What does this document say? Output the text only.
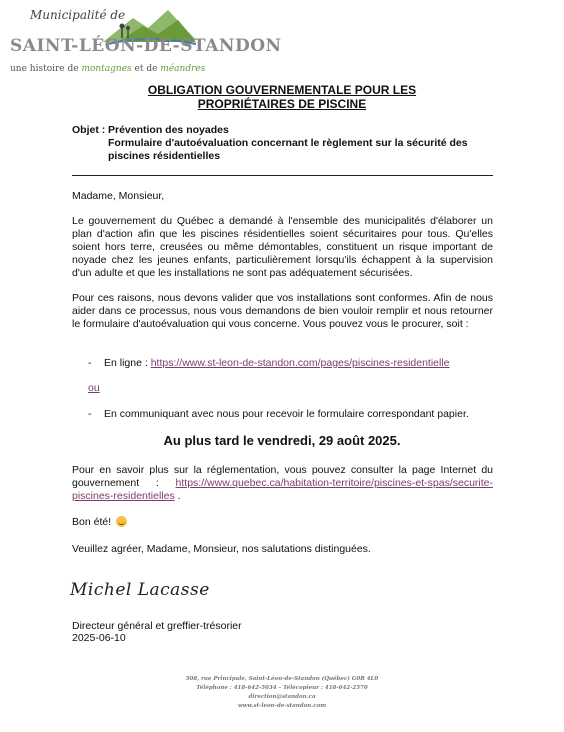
Municipalité de
SAINT-LÉON-DE-STANDON
une histoire de montagnes et de méandres
OBLIGATION GOUVERNEMENTALE POUR LES
PROPRIÉTAIRES DE PISCINE
Objet : Prévention des noyades
Formulaire d'autoévaluation concernant le règlement sur la sécurité des
piscines résidentielles
Madame, Monsieur,
Le gouvernement du Québec a demandé à l'ensemble des municipalités d'élaborer un plan d'action afin que les piscines résidentielles soient sécuritaires pour tous. Qu'elles soient hors terre, creusées ou même démontables, constituent un risque important de noyade chez les jeunes enfants, particulièrement lorsqu'ils échappent à la supervision d'un adulte et que les installations ne sont pas adéquatement sécurisées.
Pour ces raisons, nous devons valider que vos installations sont conformes. Afin de nous aider dans ce processus, nous vous demandons de bien vouloir remplir et nous retourner le formulaire d'autoévaluation qui vous concerne. Vous pouvez vous le procurer, soit :
-	En ligne : https://www.st-leon-de-standon.com/pages/piscines-residentielle
ou
-	En communiquant avec nous pour recevoir le formulaire correspondant papier.
Au plus tard le vendredi, 29 août 2025.
Pour en savoir plus sur la réglementation, vous pouvez consulter la page Internet du gouvernement : https://www.quebec.ca/habitation-territoire/piscines-et-spas/securite-piscines-residentielles .
Bon été!
Veuillez agréer, Madame, Monsieur, nos salutations distinguées.
Michel Lacasse
Directeur général et greffier-trésorier
2025-06-10
508, rue Principale, Saint-Léon-de-Standon (Québec) G0R 4L0
Téléphone : 418-642-5034 – Télécopieur : 418-642-2570
direction@standon.ca
www.st-leon-de-standon.com
